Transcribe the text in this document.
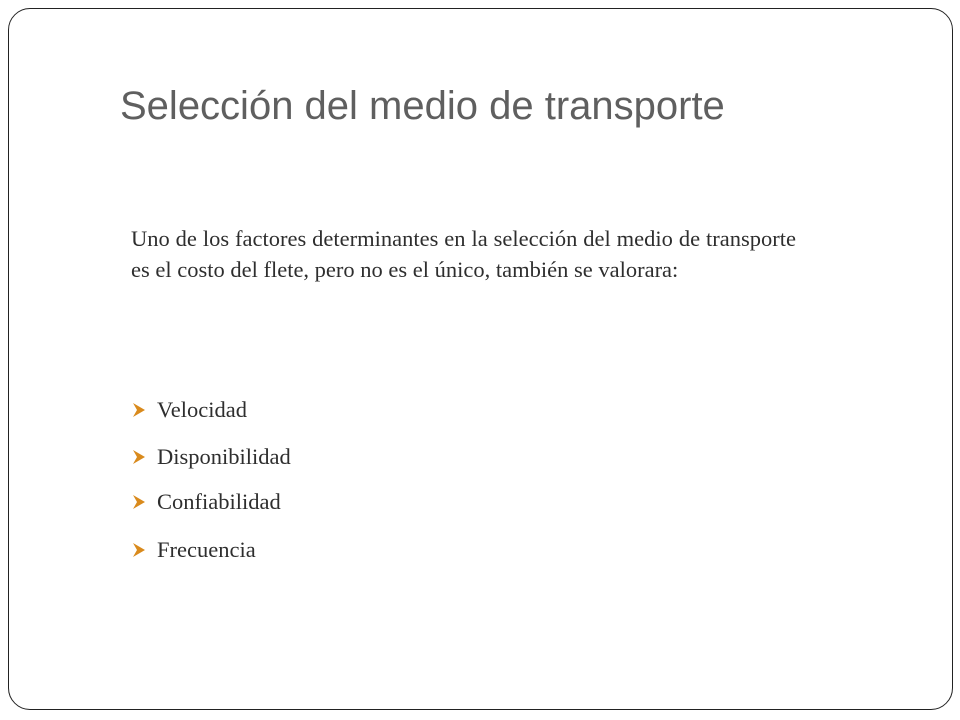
Selección del medio de transporte

Uno de los factores determinantes en la selección del medio de transporte es el costo del flete, pero no es el único, también se valorara:

Velocidad
Disponibilidad
Confiabilidad
Frecuencia
